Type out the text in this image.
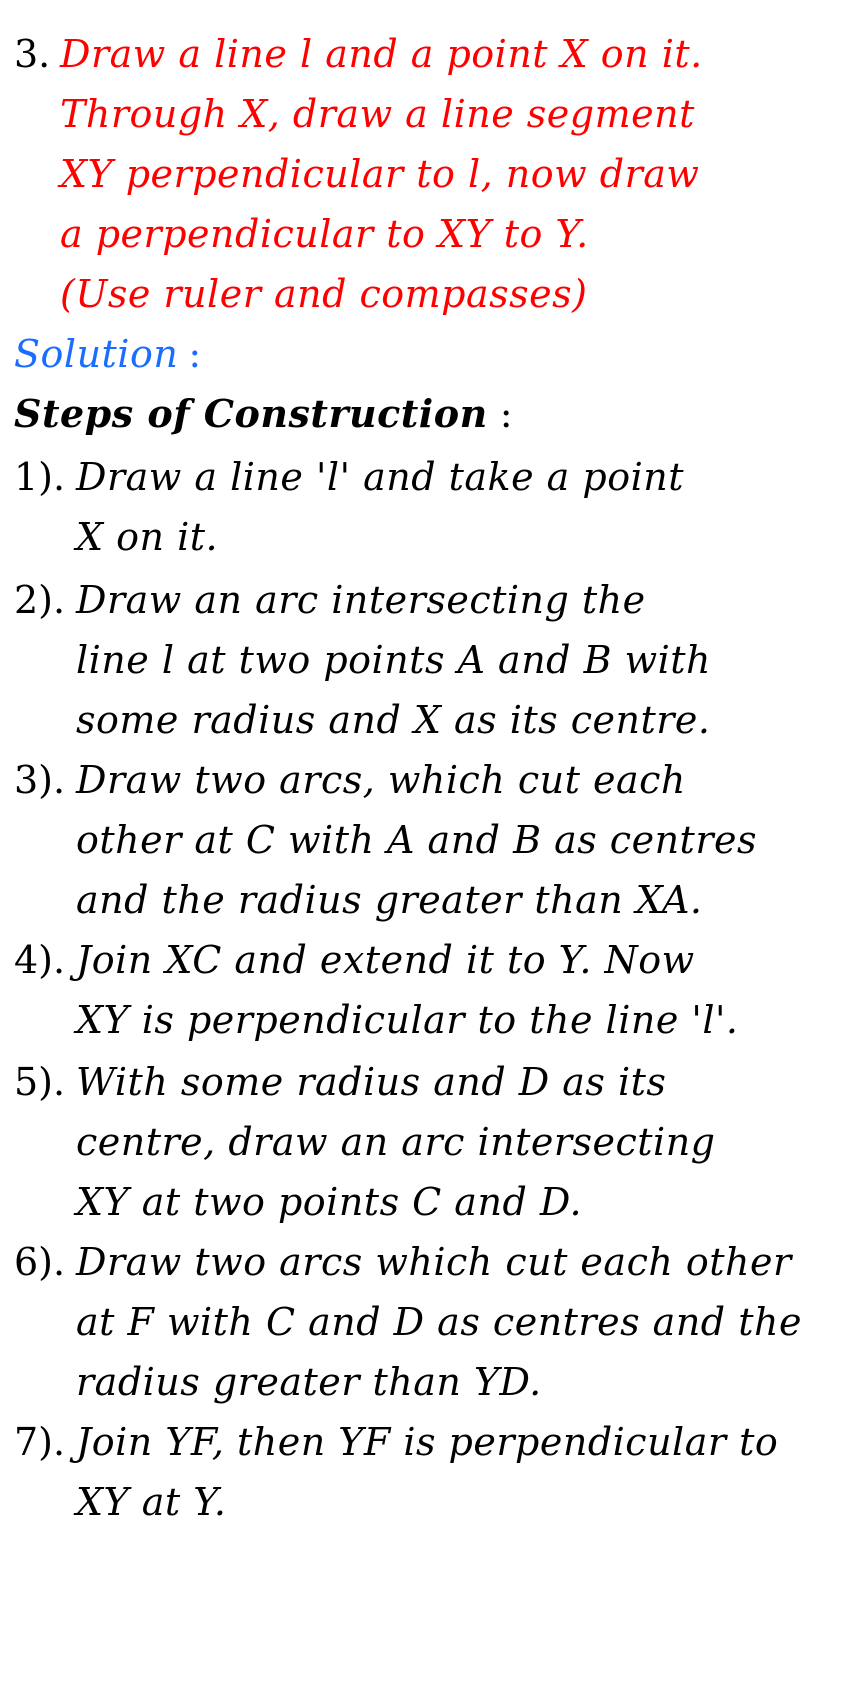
3. Draw a line l and a point X on it.
Through X, draw a line segment
XY perpendicular to l, now draw
a perpendicular to XY to Y.
(Use ruler and compasses)
Solution :
Steps of Construction :
1). Draw a line 'l' and take a point
X on it.
2). Draw an arc intersecting the
line l at two points A and B with
some radius and X as its centre.
3). Draw two arcs, which cut each
other at C with A and B as centres
and the radius greater than XA.
4). Join XC and extend it to Y. Now
XY is perpendicular to the line 'l'.
5). With some radius and D as its
centre, draw an arc intersecting
XY at two points C and D.
6). Draw two arcs which cut each other
at F with C and D as centres and the
radius greater than YD.
7). Join YF, then YF is perpendicular to
XY at Y.
